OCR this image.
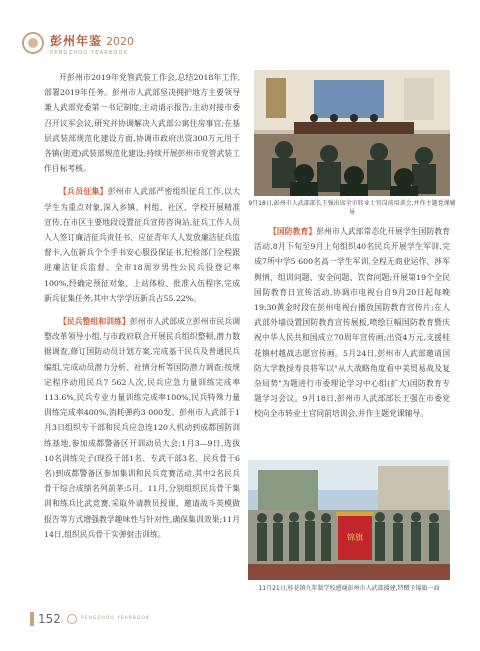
彭州年鉴 2020
PENGZHOU YEARBOOK

开彭州市2019年党管武装工作会,总结2018年工作,部署2019年任务。彭州市人武部坚决拥护地方主要领导兼人武部党委第一书记制度,主动请示报告;主动对接市委召开议军会议,研究并协调解决人武部公寓住房事宜;在基层武装部规范化建设方面,协调市政府出资300万元用于各镇(街道)武装部规范化建设;持续开展彭州市党管武装工作目标考核。

【兵员征集】彭州市人武部严密组织征兵工作,以大学生为重点对象,深入乡镇、村组、社区、学校开展精准宣传,在市区主要地段设置征兵宣传咨询站,征兵工作人员人人签订廉洁征兵责任书、应征青年人人发放廉洁征兵监督卡,入伍新兵个个手书安心服役保证书,纪检部门全程跟进廉洁征兵监督。全市18周岁男性公民兵役登记率100%,经确定预征对象、上站体检、批准入伍程序,完成新兵征集任务,其中大学学历新兵占55.22%。

【民兵整组和训练】彭州市人武部成立彭州市民兵调整改革领导小组,与市政府联合开展民兵组织整顿,潜力数据调查,修订国防动员计划方案,完成基干民兵及普通民兵编组,完成动员潜力分析、社情分析等国防潜力调查;按规定程序动用民兵7 562人次,民兵应急力量训练完成率113.6%,民兵专业力量训练完成率100%,民兵特殊力量训练完成率400%,消耗弹药3 000发。彭州市人武部于1月3日组织专干部和民兵应急连120人机动到成都国防训练基地,参加成都警备区开训动员大会;1月3—9日,选拔10名训练尖子(现役干部1名、专武干部3名、民兵骨干6名)到成都警备区参加集训和民兵竞赛活动,其中2名民兵骨干综合成绩名列前茅;5月、11月,分别组织民兵骨干集训和练兵比武竞赛,采取外请教员授课、邀请战斗英模做报告等方式增强教学趣味性与针对性,确保集训效果;11月14日,组织民兵骨干实弹射击训练。

9月18日,彭州市人武部部长王强出席全市转业士官岗前培训会,并作主题党课辅导

【国防教育】彭州市人武部常态化开展学生国防教育活动,8月下旬至9月上旬组织40名民兵开展学生军训,完成7所中学5 600名高一学生军训,全程无商业运作、涉军舆情、组训问题、安全问题、饮食问题;开展第19个全民国防教育日宣传活动,协调市电视台自9月20日起每晚19:30黄金时段在彭州电视台播放国防教育宣传片;在人武部外墙设置国防教育宣传展板,喷绘巨幅国防教育暨庆祝中华人民共和国成立70周年宣传画;出资4万元,支援桂花镇村越战志愿宣传画。5月24日,彭州市人武部邀请国防大学教授寿良将军以"从大战略角度看中美贸易战及复杂局势"为题进行市委理论学习中心组(扩大)国防教育专题学习会议。9月18日,彭州市人武部部长王强在市委党校向全市转业士官同前培训会,并作主题党课辅导。

锦旗
11月21日,桂花镇九年制学校感谢彭州市人武部援建,特赠予锦旗一面
152	PENGZHOU YEARBOOK
